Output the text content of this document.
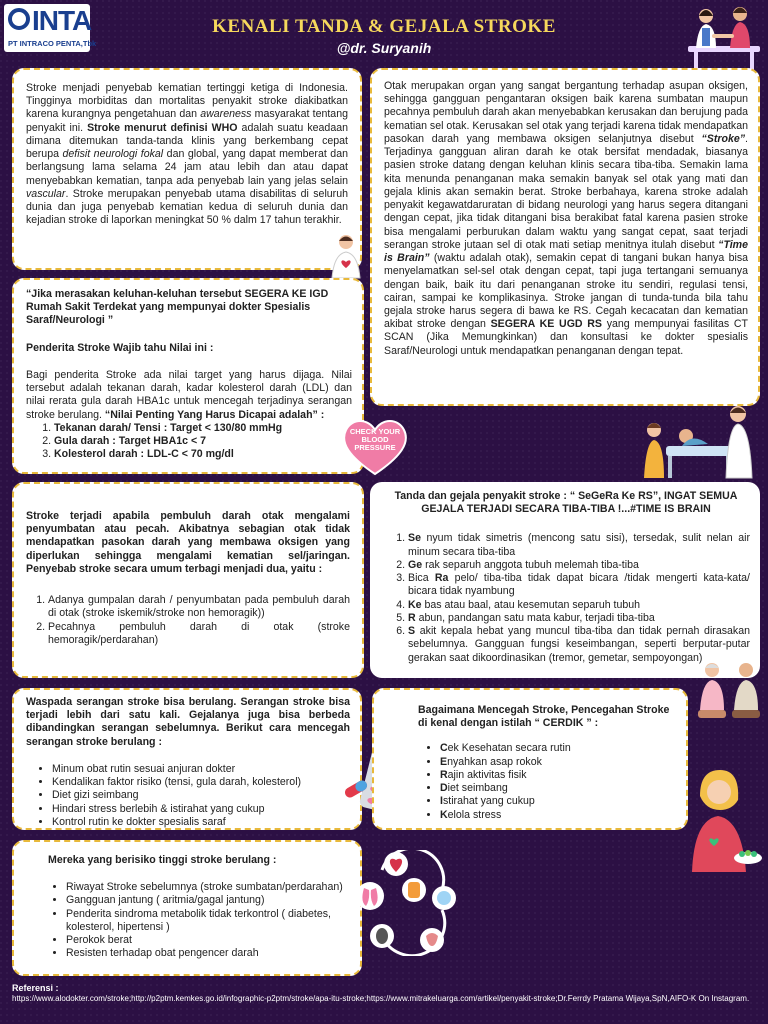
INTA
PT INTRACO PENTA,Tbk
KENALI TANDA & GEJALA STROKE
@dr. Suryanih

Stroke menjadi penyebab kematian tertinggi ketiga di Indonesia. Tingginya morbiditas dan mortalitas penyakit stroke diakibatkan karena kurangnya pengetahuan dan awareness masyarakat tentang penyakit ini. Stroke menurut definisi WHO adalah suatu keadaan dimana ditemukan tanda-tanda klinis yang berkembang cepat berupa defisit neurologi fokal dan global, yang dapat memberat dan berlangsung lama selama 24 jam atau lebih dan atau dapat menyebabkan kematian, tanpa ada penyebab lain yang jelas selain vascular. Stroke merupakan penyebab utama disabilitas di seluruh dunia dan juga penyebab kematian kedua di seluruh dunia dan kejadian stroke di laporkan meningkat 50 % dalm 17 tahun terakhir.

Otak merupakan organ yang sangat bergantung terhadap asupan oksigen, sehingga gangguan pengantaran oksigen baik karena sumbatan maupun pecahnya pembuluh darah akan menyebabkan kerusakan dan berujung pada kematian sel otak. Kerusakan sel otak yang terjadi karena tidak mendapatkan pasokan darah yang membawa oksigen selanjutnya disebut “Stroke”. Terjadinya gangguan aliran darah ke otak bersifat mendadak, biasanya pasien stroke datang dengan keluhan klinis secara tiba-tiba. Semakin lama kita menunda penanganan maka semakin banyak sel otak yang mati dan gejala klinis akan semakin berat. Stroke berbahaya, karena stroke adalah penyakit kegawatdaruratan di bidang neurologi yang harus segera ditangani dengan cepat, jika tidak ditangani bisa berakibat fatal karena pasien stroke bisa mengalami perburukan dalam waktu yang sangat cepat, saat terjadi serangan stroke jutaan sel di otak mati setiap menitnya itulah disebut “Time is Brain” (waktu adalah otak), semakin cepat di tangani bukan hanya bisa menyelamatkan sel-sel otak dengan cepat, tapi juga tertangani semuanya dengan baik, baik itu dari penanganan stroke itu sendiri, regulasi tensi, cairan, sampai ke komplikasinya. Stroke jangan di tunda-tunda bila tahu gejala stroke harus segera di bawa ke RS. Cegah kecacatan dan kematian akibat stroke dengan SEGERA KE UGD RS yang mempunyai fasilitas CT SCAN (Jika Memungkinkan) dan konsultasi ke dokter spesialis Saraf/Neurologi untuk mendapatkan penanganan dengan tepat.

“Jika merasakan keluhan-keluhan tersebut SEGERA KE IGD Rumah Sakit Terdekat yang mempunyai dokter Spesialis Saraf/Neurologi ”

Penderita Stroke Wajib tahu Nilai ini :

Bagi penderita Stroke ada nilai target yang harus dijaga. Nilai tersebut adalah tekanan darah, kadar kolesterol darah (LDL) dan nilai rerata gula darah HBA1c untuk mencegah terjadinya serangan stroke berulang. “Nilai Penting Yang Harus Dicapai adalah” :

1. Tekanan darah/ Tensi : Target < 130/80 mmHg
2. Gula darah : Target HBA1c < 7
3. Kolesterol darah : LDL-C < 70 mg/dl
CHECK YOUR
BLOOD
PRESSURE

Stroke terjadi apabila pembuluh darah otak mengalami penyumbatan atau pecah. Akibatnya sebagian otak tidak mendapatkan pasokan darah yang membawa oksigen yang diperlukan sehingga mengalami kematian sel/jaringan. Penyebab stroke secara umum terbagi menjadi dua, yaitu :

1. Adanya gumpalan darah / penyumbatan pada pembuluh darah di otak (stroke iskemik/stroke non hemoragik))
2. Pecahnya pembuluh darah di otak (stroke hemoragik/perdarahan)

Tanda dan gejala penyakit stroke : “ SeGeRa Ke RS”, INGAT SEMUA GEJALA TERJADI SECARA TIBA-TIBA !...#TIME IS BRAIN

1. Se nyum tidak simetris (mencong satu sisi), tersedak, sulit nelan air minum secara tiba-tiba
2. Ge rak separuh anggota tubuh melemah tiba-tiba
3. Bica Ra pelo/ tiba-tiba tidak dapat bicara /tidak mengerti kata-kata/ bicara tidak nyambung
4. Ke bas atau baal, atau kesemutan separuh tubuh
5. R abun, pandangan satu mata kabur, terjadi tiba-tiba
6. S akit kepala hebat yang muncul tiba-tiba dan tidak pernah dirasakan sebelumnya. Gangguan fungsi keseimbangan, seperti berputar-putar gerakan saat dikoordinasikan (tremor, gemetar, sempoyongan)

Waspada serangan stroke bisa berulang. Serangan stroke bisa terjadi lebih dari satu kali. Gejalanya juga bisa berbeda dibandingkan serangan sebelumnya. Berikut cara mencegah serangan stroke berulang :

• Minum obat rutin sesuai anjuran dokter
• Kendalikan faktor risiko (tensi, gula darah, kolesterol)
• Diet gizi seimbang
• Hindari stress berlebih & istirahat yang cukup
• Kontrol rutin ke dokter spesialis saraf

Bagaimana Mencegah Stroke, Pencegahan Stroke di kenal dengan istilah “ CERDIK ” :

• Cek Kesehatan secara rutin
• Enyahkan asap rokok
• Rajin aktivitas fisik
• Diet seimbang
• Istirahat yang cukup
• Kelola stress

Mereka yang berisiko tinggi stroke berulang :

• Riwayat Stroke sebelumnya (stroke sumbatan/perdarahan)
• Gangguan jantung ( aritmia/gagal jantung)
• Penderita sindroma metabolik tidak terkontrol ( diabetes, kolesterol, hipertensi )
• Perokok berat
• Resisten terhadap obat pengencer darah
Referensi :
https://www.alodokter.com/stroke;http://p2ptm.kemkes.go.id/infographic-p2ptm/stroke/apa-itu-stroke;https://www.mitrakeluarga.com/artikel/penyakit-stroke;Dr.Ferrdy Pratama Wijaya,SpN,AIFO-K On Instagram.
